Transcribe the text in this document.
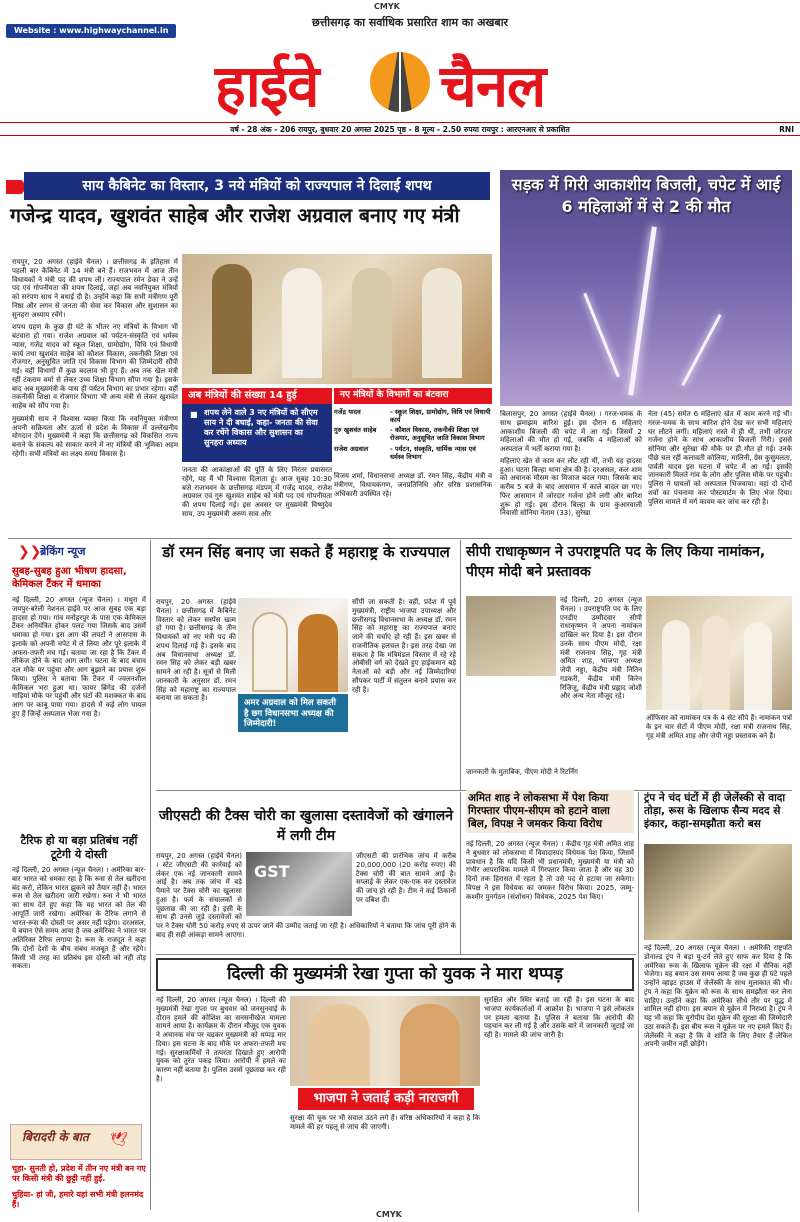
CMYK
Website : www.highwaychannel.in
छत्तीसगढ़ का सर्वाधिक प्रसारित शाम का अखबार
हाईवे चैनल
वर्ष - 28 अंक - 206 रायपुर, बुधवार 20 अगस्त 2025 पृष्ठ - 8 मूल्य - 2.50 रुपया रायपुर : आरएनआर से प्रकाशित	RNI
साय कैबिनेट का विस्तार, 3 नये मंत्रियों को राज्यपाल ने दिलाई शपथ
गजेन्द्र यादव, खुशवंत साहेब और राजेश अग्रवाल बनाए गए मंत्री

रायपुर, 20 अगस्त (हाईवे चैनल) । छत्तीसगढ़ के इतिहास में पहली बार कैबिनेट में 14 मंत्री बने हैं। राजभवन में आज तीन विधायकों ने मंत्री पद की शपथ ली। राज्यपाल रमेन डेका ने उन्हें पद एवं गोपनीयता की शपथ दिलाई, जहां अब नवनियुक्त मंत्रियों को सरंपण साथ ने बधाई दी है। उन्होंने कहा कि सभी मंत्रीगण पूरी निष्ठा और लगन से जनता की सेवा कर विकास और सुशासन का सुनहरा अध्याय रचेंगे।

शपथ ग्रहण के कुछ ही घंटे के भीतर नए मंत्रियों के विभाग भी बंटवारा हो गया। राजेश अग्रवाल को पर्यटन-संस्कृति एवं धर्मस्व न्यास, गजेंद्र यादव को स्कूल शिक्षा, ग्रामोद्योग, विधि एवं विधायी कार्य तथा खुशवंत साहेब को कौशल विकास, तकनीकी शिक्षा एवं रोजगार, अनुसूचित जाति एवं विकास विभाग की जिम्मेदारी सौंपी गई। वहीं विभागों मैं कुछ बदलाव भी हुए हैं। अब तक खेल मंत्री रहीं टंकराम वर्मा से लेकर उच्च शिक्षा विभाग सौंपा गया है। इसके बाद अब मुख्यमंत्री के पास ही पर्यटन विभाग का प्रभार रहेगा। वहीं तकनीकी शिक्षा व रोजगार विभाग भी अन्य मंत्री से लेकर खुशवंत साहेब को सौंप गया है।

मुख्यमंत्री साय ने विश्वास व्यक्त किया कि नवनियुक्त मंत्रीगण अपनी सक्रियता और ऊर्जा से प्रदेश के विकास में उल्लेखनीय योगदान देंगे। मुख्यमंत्री ने कहा कि छत्तीसगढ़ को विकसित राज्य बनाने के संकल्प को साकार करने में नए मंत्रियों की भूमिका अहम रहेगी। सभी मंत्रियों का लक्ष्य समग्र विकास है।

अब मंत्रियों की संख्या 14 हुई
■ शपथ लेने वाले 3 नए मंत्रियों को सीएम साय ने दी बधाई, कहा- जनता की सेवा कर रचेंगे विकास और सुशासन का सुनहरा अध्याय
नए मंत्रियों के विभागों का बंटवारा
गजेंद्र यादव	- स्कूल शिक्षा, ग्रामोद्योग, विधि एवं विधायी कार्य
गुरु खुशवंत साहेब	- कौशल विकास, तकनीकी शिक्षा एवं रोजगार, अनुसूचित जाति विकास विभाग
राजेश अग्रवाल	- पर्यटन, संस्कृति, धार्मिक न्यास एवं धर्मस्व विभाग
जनता की आकांक्षाओं की पूर्ति के लिए निरंतर प्रयासरत रहेंगे, यह मैं भी विश्वास दिलाता हूं। आज सुबह 10:30 बजे राजभवन के छत्तीसगढ़ मंडपम् में गजेंद्र यादव, राजेश अग्रवाल एवं गुरु खुशवंत साहेब को मंत्री पद एवं गोपनीयता की शपथ दिलाई गई। इस अवसर पर मुख्यमंत्री विष्णुदेव साय, उप मुख्यमंत्री अरुण साव और
विजय शर्मा, विधानसभा अध्यक्ष डॉ. रमन सिंह, केंद्रीय मंत्री व मंत्रीगण, विधायकगण, जनप्रतिनिधि और वरिष्ठ प्रशासनिक अधिकारी उपस्थित रहे।
सड़क में गिरी आकाशीय बिजली, चपेट में आई 6 महिलाओं में से 2 की मौत

बिलासपुर, 20 अगस्त (हाईवे चैनल) । गरज-चमक के साथ झमाझम बारिश हुई। इस दौरान 6 महिलाएं आकाशीय बिजली की चपेट में आ गईं। जिसमें 2 महिलाओं की मौत हो गई, जबकि 4 महिलाओं को अस्पताल में भर्ती कराया गया है।

महिलाएं खेत से काम कर लौट रही थीं, तभी यह हादसा हुआ। घटना बिल्हा थाना क्षेत्र की है। दरअसल, कल शाम को अचानक मौसम का मिजाज बदल गया। जिसके बाद करीब 5 बजे के बाद आसमान में काले बादल छा गए। फिर आसमान में जोरदार गर्जना होने लगी और बारिश शुरू हो गई। इस दौरान बिल्हा के ग्राम कुंआरवाली निवासी सोनिया नेताम (33), सुरेखा

नेता (45) समेत 6 महिलाएं खेत में काम करने गई थीं। गरज-चमक के साथ बारिश होने देख कर सभी महिलाएं घर लौटने लगीं। महिलाएं रास्ते में ही थीं, तभी जोरदार गर्जना होने के साथ आकाशीय बिजली गिरी। इससे सोनिया और सुरेखा की मौके पर ही मौत हो गई। उनके पीछे चल रहीं कलावती कोलिया, मालिनी, ग्रेस कुसुमलता, पार्वती यादव इस घटना में चपेट में आ गईं। इसकी जानकारी मिलते गांव के लोग और पुलिस मौके पर पहुंची। पुलिस ने घायलों को अस्पताल भिजवाया। वहां दो दोनों शवों का पंचनामा कर पोस्टमार्टम के लिए भेज दिया। पुलिस मामले में मर्ग कायम कर जांच कर रही है।
❯❯
ब्रेकिंग न्यूज
सुबह-सुबह हुआ भीषण हादसा, केमिकल टैंकर में धमाका
नई दिल्ली, 20 अगस्त (न्यूज चैनल) । मथुरा में जयपुर-बरेली नेशनल हाईवे पर आज सुबह एक बड़ा हादसा हो गया। गांव मनोहरपुर के पास एक केमिकल टैंकर अनियंत्रित होकर पलट गया जिसके बाद उसमें धमाका हो गया। इस आग की लपटों ने आसपास के इलाके को अपनी चपेट में ले लिया और पूरे इलाके में अफरा-तफरी मच गई। बताया जा रहा है कि टैंकर में लीकेज होने के बाद आग लगी। घटना के बाद बचाव दल मौके पर पहुंचा और आग बुझाने का प्रयास शुरू किया। पुलिस ने बताया कि टैंकर में ज्वलनशील केमिकल भरा हुआ था। फायर ब्रिगेड की दर्जनों गाड़ियां मौके पर पहुंचीं और घंटों की मशक्कत के बाद आग पर काबू पाया गया। हादसे में कई लोग घायल हुए हैं जिन्हें अस्पताल भेजा गया है।
टैरिफ हो या बड़ा प्रतिबंध नहीं टूटेगी ये दोस्ती
नई दिल्ली, 20 अगस्त (न्यूज चैनल) । अमेरिका बार-बार भारत को धमका रहा है कि रूस से तेल खरीदना बंद करो, लेकिन भारत झुकने को तैयार नहीं है। भारत रूस से तेल खरीदना जारी रखेगा। रूस ने भी भारत का साथ देते हुए कहा कि वह भारत को तेल की आपूर्ति जारी रखेगा। अमेरिका के टैरिफ लगाने से भारत-रूस की दोस्ती पर असर नहीं पड़ेगा। दरअसल, ये बयान ऐसे समय आया है जब अमेरिका ने भारत पर अतिरिक्त टैरिफ लगाया है। रूस के राजदूत ने कहा कि दोनों देशों के बीच संबंध मजबूत हैं और रहेंगे। किसी भी तरह का प्रतिबंध इस दोस्ती को नहीं तोड़ सकता।
बिरादरी के बात 🕊
चूहा- सुनती हो, प्रदेश में तीन नए मंत्री बन गए पर किसी मंत्री की छुट्टी नहीं हुई.
चुहिया- हां जी, हमारे यहां सभी मंत्री हलनमंद हैं।
डॉ रमन सिंह बनाए जा सकते हैं महाराष्ट्र के राज्यपाल
रायपुर, 20 अगस्त (हाईवे चैनल) । छत्तीसगढ़ में कैबिनेट विस्तार को लेकर सस्पेंस खत्म हो गया है। छत्तीसगढ़ के तीन विधायकों को नए मंत्री पद की शपथ दिलाई गई है। इसके बाद अब विधानसभा अध्यक्ष डॉ. रमन सिंह को लेकर बड़ी खबर सामने आ रही है। सूत्रों से मिली जानकारी के अनुसार डॉ. रमन सिंह को महाराष्ट्र का राज्यपाल बनाया जा सकता है।	अमर अग्रवाल को मिल सकती है छग विधानसभा अध्यक्ष की जिम्मेदारी!
सौंपी जा सकती है। वहीं, प्रदेश में पूर्व मुख्यमंत्री, राष्ट्रीय भाजपा उपाध्यक्ष और छत्तीसगढ़ विधानसभा के अध्यक्ष डॉ. रमन सिंह को महाराष्ट्र का राज्यपाल बनाए जाने की चर्चाएं हो रही हैं। इस खबर से राजनीतिक हलचल है। इस तरह देखा जा सकता है कि मंत्रिमंडल विस्तार में रहे रहे ओबीसी वर्ग को देखते हुए हाईकमान बड़े नेताओं को बड़ी और नई जिम्मेदारियां सौंपकर पार्टी में संतुलन बनाने प्रयास कर रही है।
सीपी राधाकृष्णन ने उपराष्ट्रपति पद के लिए किया नामांकन, पीएम मोदी बने प्रस्तावक
नई दिल्ली, 20 अगस्त (न्यूज चैनल) । उपराष्ट्रपति पद के लिए एनडीए उम्मीदवार सीपी राधाकृष्णन ने अपना नामांकन दाखिल कर दिया है। इस दौरान उनके साथ पीएम मोदी, रक्षा मंत्री राजनाथ सिंह, गृह मंत्री अमित शाह, भाजपा अध्यक्ष जेपी नड्डा, केंद्रीय मंत्री नितिन गडकरी, केंद्रीय मंत्री किरेन रिजिजू, केंद्रीय मंत्री प्रह्लाद जोशी और अन्य नेता मौजूद रहे।
ऑफिसर को नामांकन पत्र के 4 सेट सौंपे हैं। नामांकन पत्रों के इन चार सेटों में पीएम मोदी, रक्षा मंत्री राजनाथ सिंह, गृह मंत्री अमित शाह और जेपी नड्डा प्रस्तावक बने हैं।
जानकारी के मुताबिक, पीएम मोदी ने रिटर्निंग
जीएसटी की टैक्स चोरी का खुलासा दस्तावेजों को खंगालने में लगी टीम
रायपुर, 20 अगस्त (हाईवे चैनल) । स्टेट जीएसटी की कार्रवाई को लेकर एक नई जानकारी सामने आई है। अब तक जांच में बड़े पैमाने पर टैक्स चोरी का खुलासा हुआ है। फर्म के संचालकों से पूछताछ की जा रही है। इसी के साथ ही उनसे जुड़े दस्तावेजों को
GST
जीएसटी की प्रारंभिक जांच में करीब 20,000,000 (20 करोड़ रुपए) की टैक्स चोरी की बात सामने आई है। सप्लाई के लेकर एक-एक कर दस्तावेज की जांच हो रही है। टीम ने कई ठिकानों पर दबिश दी।
पर ने टैक्स चोरी 50 करोड़ रुपए से ऊपर जाने की उम्मीद जताई जा रही है। अधिकारियों ने बताया कि जांच पूरी होने के बाद ही सही आंकड़ा सामने आएगा।
अमित शाह ने लोकसभा में पेश किया गिरफ्तार पीएम-सीएम को हटाने वाला बिल, विपक्ष ने जमकर किया विरोध
नई दिल्ली, 20 अगस्त (न्यूज चैनल) । केंद्रीय गृह मंत्री अमित शाह ने बुधवार को लोकसभा में विवादास्पद विधेयक पेश किया, जिसमें प्रावधान है कि यदि किसी भी प्रधानमंत्री, मुख्यमंत्री या मंत्री को गंभीर आपराधिक मामले में गिरफ्तार किया जाता है और वह 30 दिनों तक हिरासत में रहता है तो उसे पद से हटाया जा सकेगा। विपक्ष ने इस विधेयक का जमकर विरोध किया। 2025, जम्मू-कश्मीर पुनर्गठन (संशोधन) विधेयक, 2025 पेश किए।
ट्रंप ने चंद घंटों में ही जेलेंस्की से वादा तोड़ा, रूस के खिलाफ सैन्य मदद से इंकार, कहा-समझौता करो बस
नई दिल्ली, 20 अगस्त (न्यूज चैनल) । अमेरिकी राष्ट्रपति डोनाल्ड ट्रंप ने बड़ा यू-टर्न लेते हुए साफ कर दिया है कि अमेरिका रूस के खिलाफ यूक्रेन की रक्षा में सैनिक नहीं भेजेगा। यह बयान उस समय आया है जब कुछ ही घंटे पहले उन्होंने व्हाइट हाउस में जेलेंस्की के साथ मुलाकात की थी। ट्रंप ने कहा कि यूक्रेन को रूस के साथ समझौता कर लेना चाहिए। उन्होंने कहा कि अमेरिका सीधे तौर पर युद्ध में शामिल नहीं होगा। इस बयान से यूक्रेन में निराशा है। ट्रंप ने यह भी कहा कि यूरोपीय देश यूक्रेन की सुरक्षा की जिम्मेदारी उठा सकते हैं। इस बीच रूस ने यूक्रेन पर नए हमले किए हैं। जेलेंस्की ने कहा है कि वे शांति के लिए तैयार हैं लेकिन अपनी जमीन नहीं छोड़ेंगे।
दिल्ली की मुख्यमंत्री रेखा गुप्ता को युवक ने मारा थप्पड़
नई दिल्ली, 20 अगस्त (न्यूज चैनल) । दिल्ली की मुख्यमंत्री रेखा गुप्ता पर बुधवार को जनसुनवाई के दौरान हमले की कोशिश का सनसनीखेज मामला सामने आया है। कार्यक्रम के दौरान मौजूद एक युवक ने अचानक मंच पर चढ़कर मुख्यमंत्री को थप्पड़ मार दिया। इस घटना के बाद मौके पर अफरा-तफरी मच गई। सुरक्षाकर्मियों ने तत्परता दिखाते हुए आरोपी युवक को तुरंत पकड़ लिया। आरोपी ने हमले का कारण नहीं बताया है। पुलिस उससे पूछताछ कर रही है।
भाजपा ने जताई कड़ी नाराजगी
सुरक्षा की चूक पर भी सवाल उठने लगे हैं। वरिष्ठ अधिकारियों ने कहा है कि मामले की हर पहलू से जांच की जाएगी।
सुरक्षित और स्थिर बताई जा रही है। इस घटना के बाद भाजपा कार्यकर्ताओं में आक्रोश है। भाजपा ने इसे लोकतंत्र पर हमला बताया है। पुलिस ने बताया कि आरोपी की पहचान कर ली गई है और उसके बारे में जानकारी जुटाई जा रही है। मामले की जांच जारी है।
CMYK
